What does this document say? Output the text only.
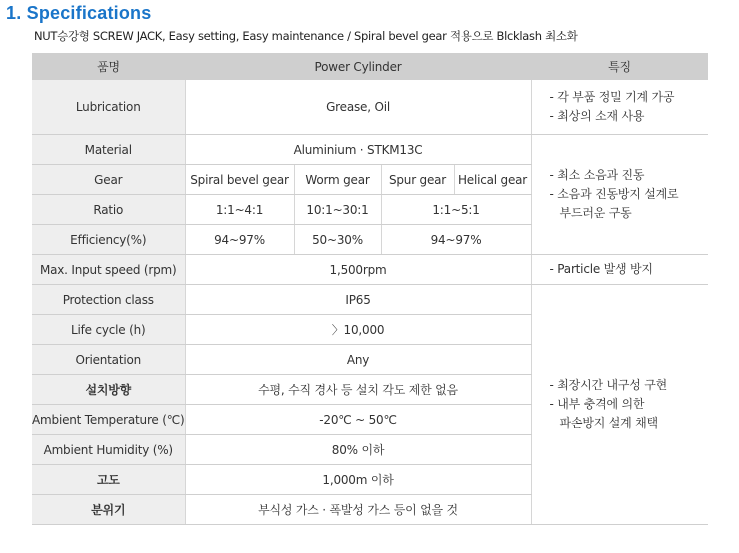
1. Specifications
NUT승강형 SCREW JACK, Easy setting, Easy maintenance / Spiral bevel gear 적용으로 Blcklash 최소화
품명	Power Cylinder				특징
Lubrication	Grease, Oil				- 각 부품 정밀 기계 가공
- 최상의 소재 사용

Material	Aluminium · STKM13C				- 최소 소음과 진동
- 소음과 진동방지 설계로
부드러운 구동

Gear	Spiral bevel gear	Worm gear	Spur gear	Helical gear	
Ratio	1:1~4:1	10:1~30:1	1:1~5:1		
Efficiency(%)	94~97%	50~30%	94~97%		
Max. Input speed (rpm)	1,500rpm				- Particle 발생 방지

Protection class	IP65				- 최장시간 내구성 구현
- 내부 충격에 의한
파손방지 설계 채택

Life cycle (h)	〉10,000				
Orientation	Any				
설치방향	수평, 수직 경사 등 설치 각도 제한 없음				
Ambient Temperature (℃)	-20℃ ~ 50℃				
Ambient Humidity (%)	80% 이하				
고도	1,000m 이하				
분위기	부식성 가스 · 폭발성 가스 등이 없을 것				
